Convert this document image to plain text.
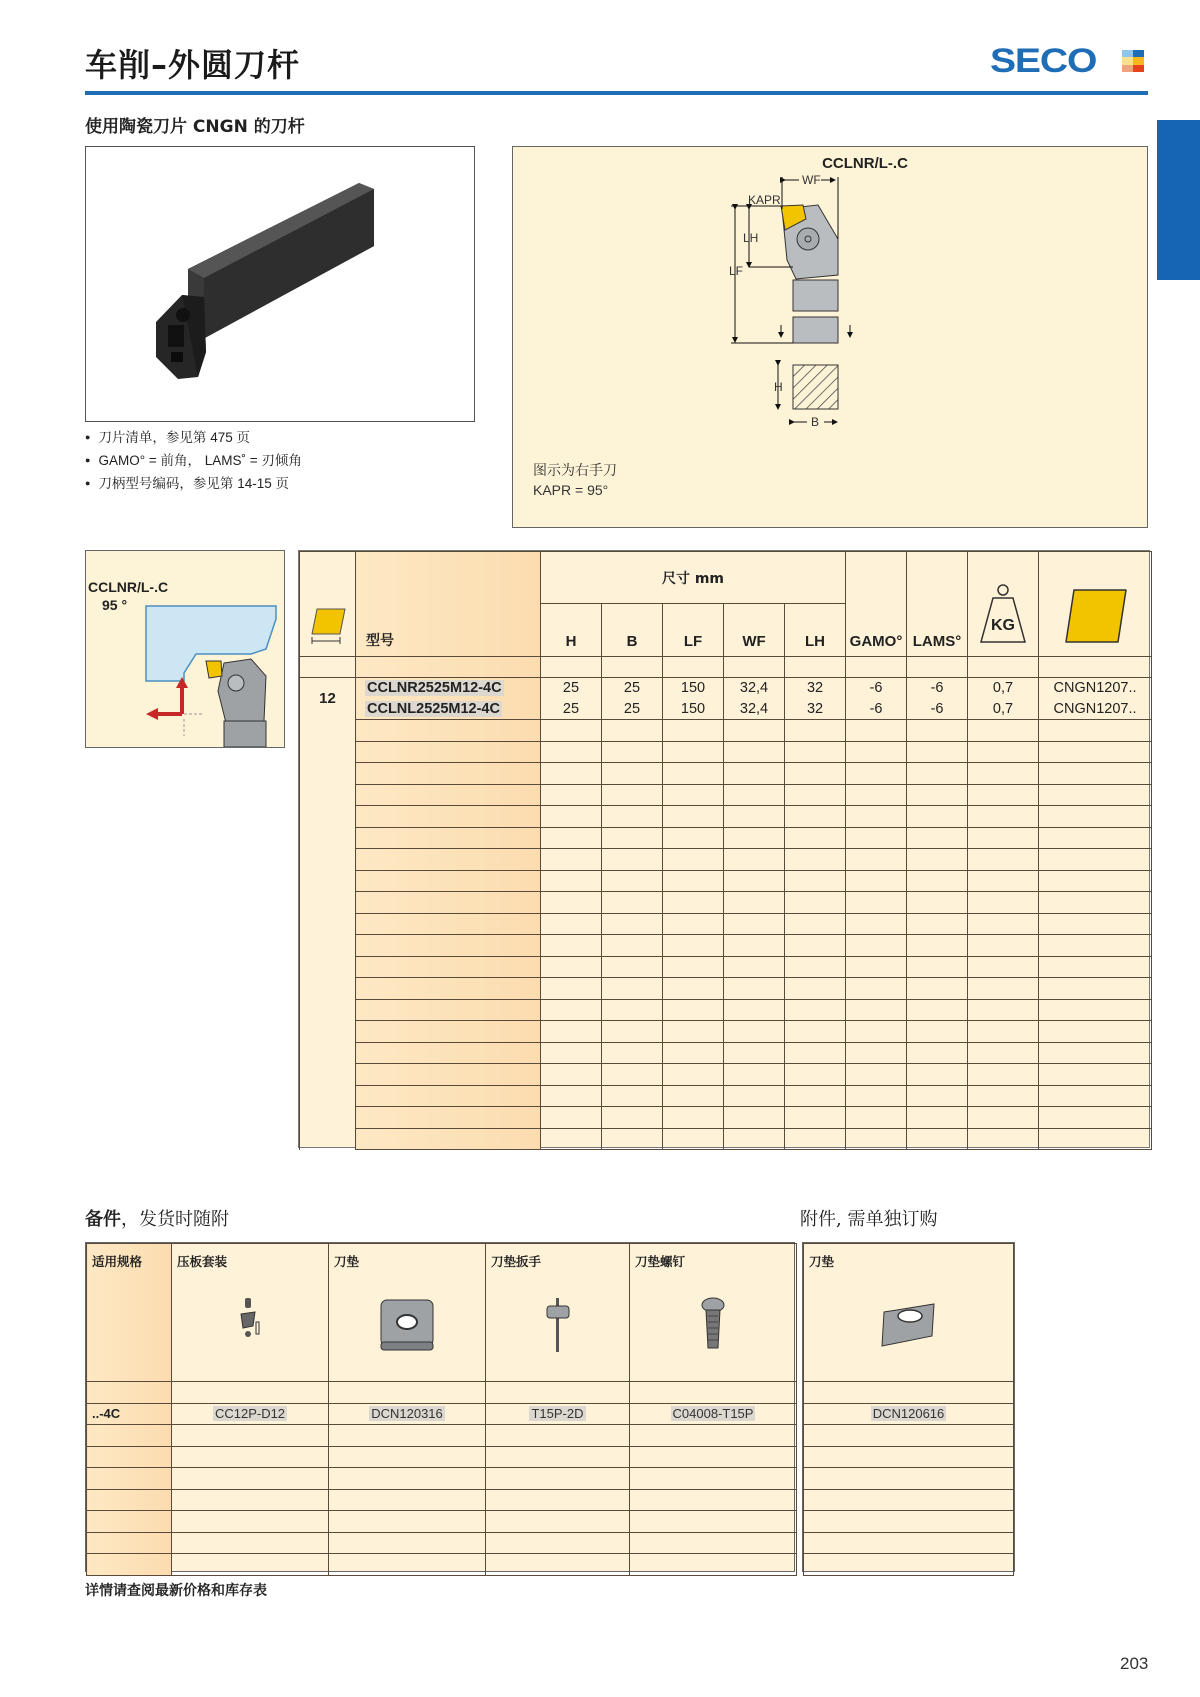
车削–外圆刀杆	SECO
使用陶瓷刀片 CNGN 的刀杆
● 刀片清单，参见第 475 页
● GAMO° = 前角， LAMS˚ = 刃倾角
● 刀柄型号编码，参见第 14-15 页
CCLNR/L-.C
WF
KAPR
LF
LH
H
B
图示为右手刀
KAPR = 95°
CCLNR/L-.C
95 °
	型号	尺寸 mm					GAMO°	LAMS°	KG

		H	B	LF	WF	LH				

12	CCLNR2525M12-4C	25	25	150	32,4	32	-6	-6	0,7	CNGN1207..
	CCLNL2525M12-4C	25	25	150	32,4	32	-6	-6	0,7	CNGN1207..

备件，发货时随附	附件, 需单独订购
适用规格	压板套装	刀垫	刀垫扳手	刀垫螺钉

..-4C	CC12P-D12	DCN120316	T15P-2D	C04008-T15P

刀垫

DCN120616

详情请查阅最新价格和库存表
203
